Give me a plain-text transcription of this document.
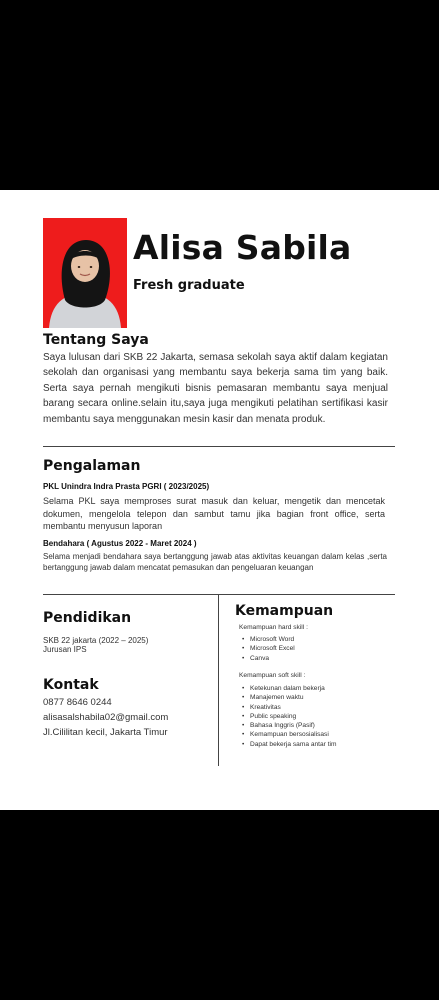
Alisa Sabila
Fresh graduate
Tentang Saya

Saya lulusan dari SKB 22 Jakarta, semasa sekolah saya aktif dalam kegiatan sekolah dan organisasi yang membantu saya bekerja sama tim yang baik. Serta saya pernah mengikuti bisnis pemasaran membantu saya menjual barang secara online.selain itu,saya juga mengikuti pelatihan sertifikasi kasir membantu saya menggunakan mesin kasir dan menata produk.

Pengalaman
PKL Unindra Indra Prasta PGRI ( 2023/2025)

Selama PKL saya memproses surat masuk dan keluar, mengetik dan mencetak dokumen, mengelola telepon dan sambut tamu jika bagian front office, serta membantu menyusun laporan

Bendahara ( Agustus 2022 - Maret 2024 )

Selama menjadi bendahara saya bertanggung jawab atas aktivitas keuangan dalam kelas ,serta bertanggung jawab dalam mencatat pemasukan dan pengeluaran keuangan

Pendidikan
SKB 22 jakarta (2022 – 2025)
Jurusan IPS
Kontak
0877 8646 0244
alisasalshabila02@gmail.com
Jl.Cililitan kecil, Jakarta Timur
Kemampuan
Kemampuan hard skill :
• Microsoft Word
• Microsoft Excel
• Canva
Kemampuan soft skill :
• Ketekunan dalam bekerja
• Manajemen waktu
• Kreativitas
• Public speaking
• Bahasa Inggris (Pasif)
• Kemampuan bersosialisasi
• Dapat bekerja sama antar tim
